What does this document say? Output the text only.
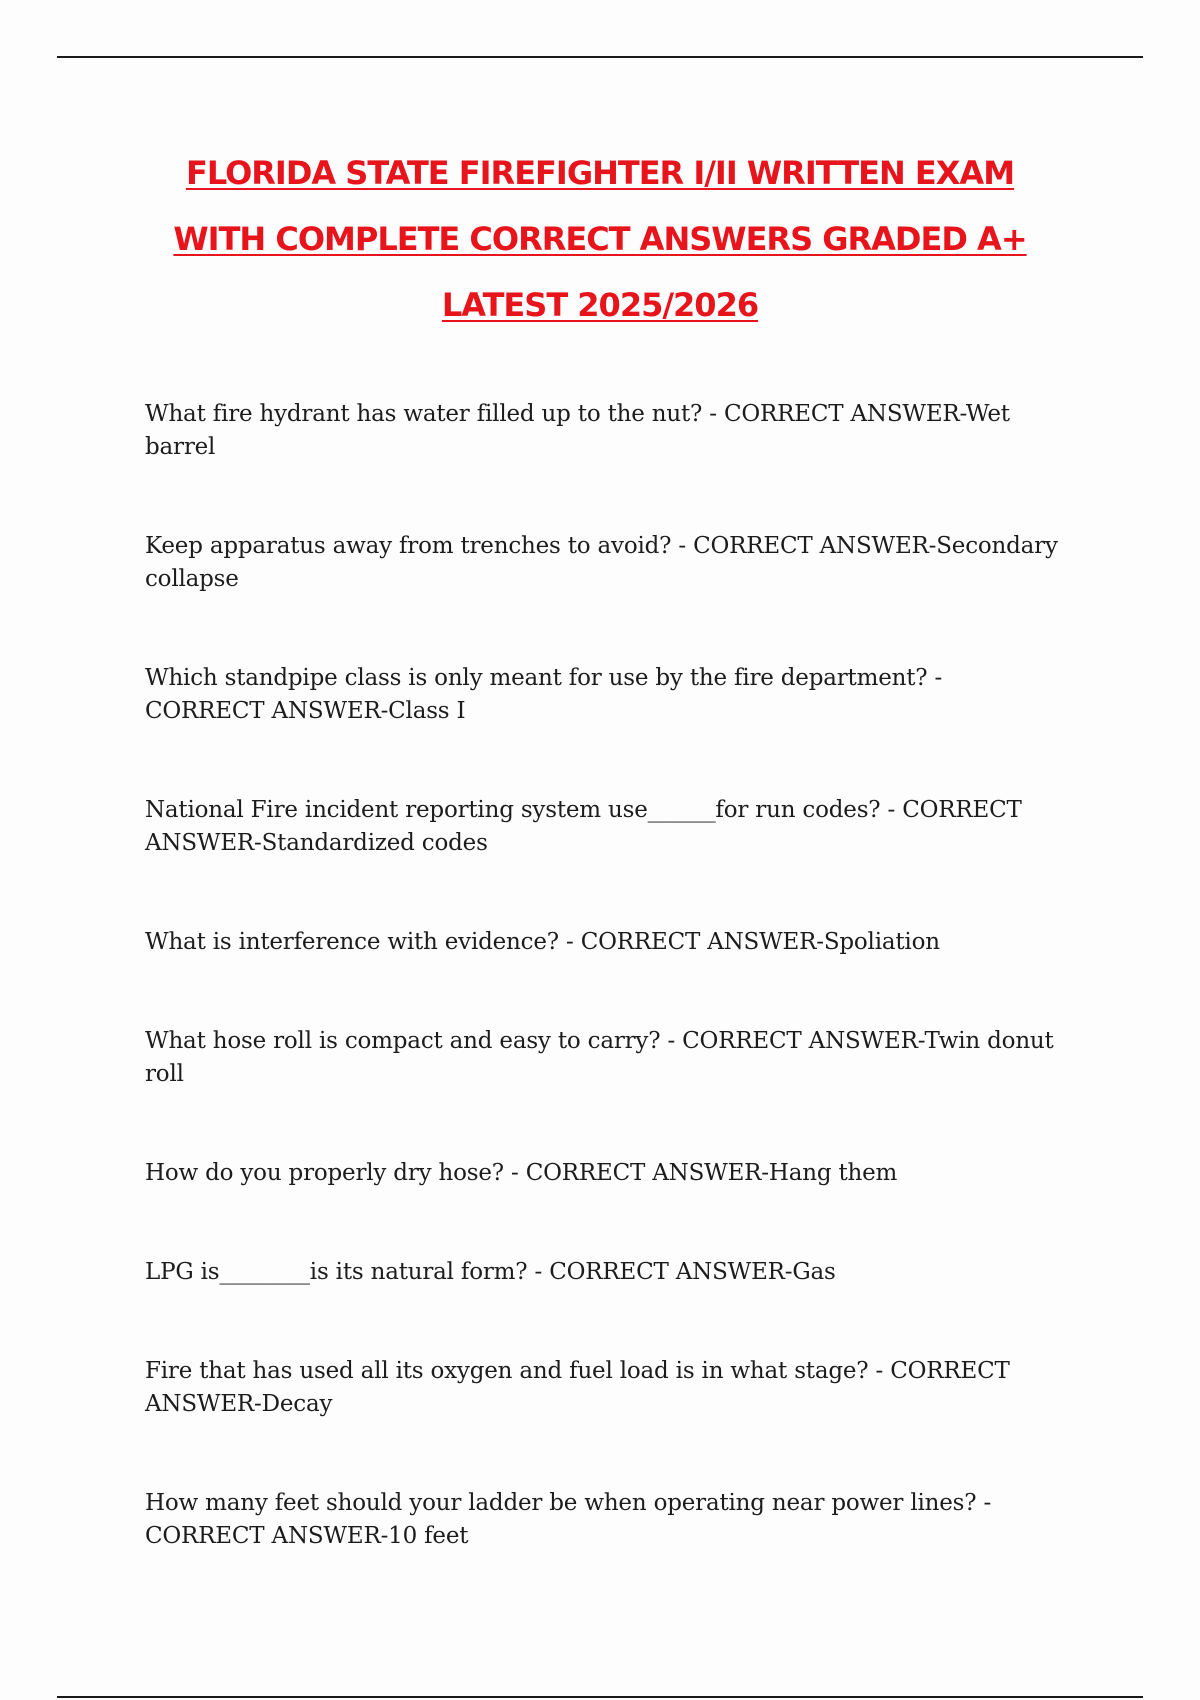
FLORIDA STATE FIREFIGHTER I/II WRITTEN EXAM
WITH COMPLETE CORRECT ANSWERS GRADED A+
LATEST 2025/2026
What fire hydrant has water filled up to the nut? - CORRECT ANSWER-Wet barrel
Keep apparatus away from trenches to avoid? - CORRECT ANSWER-Secondary collapse
Which standpipe class is only meant for use by the fire department? - CORRECT ANSWER-Class I
National Fire incident reporting system use______for run codes? - CORRECT ANSWER-Standardized codes
What is interference with evidence? - CORRECT ANSWER-Spoliation
What hose roll is compact and easy to carry? - CORRECT ANSWER-Twin donut roll
How do you properly dry hose? - CORRECT ANSWER-Hang them
LPG is________is its natural form? - CORRECT ANSWER-Gas
Fire that has used all its oxygen and fuel load is in what stage? - CORRECT ANSWER-Decay
How many feet should your ladder be when operating near power lines? - CORRECT ANSWER-10 feet
